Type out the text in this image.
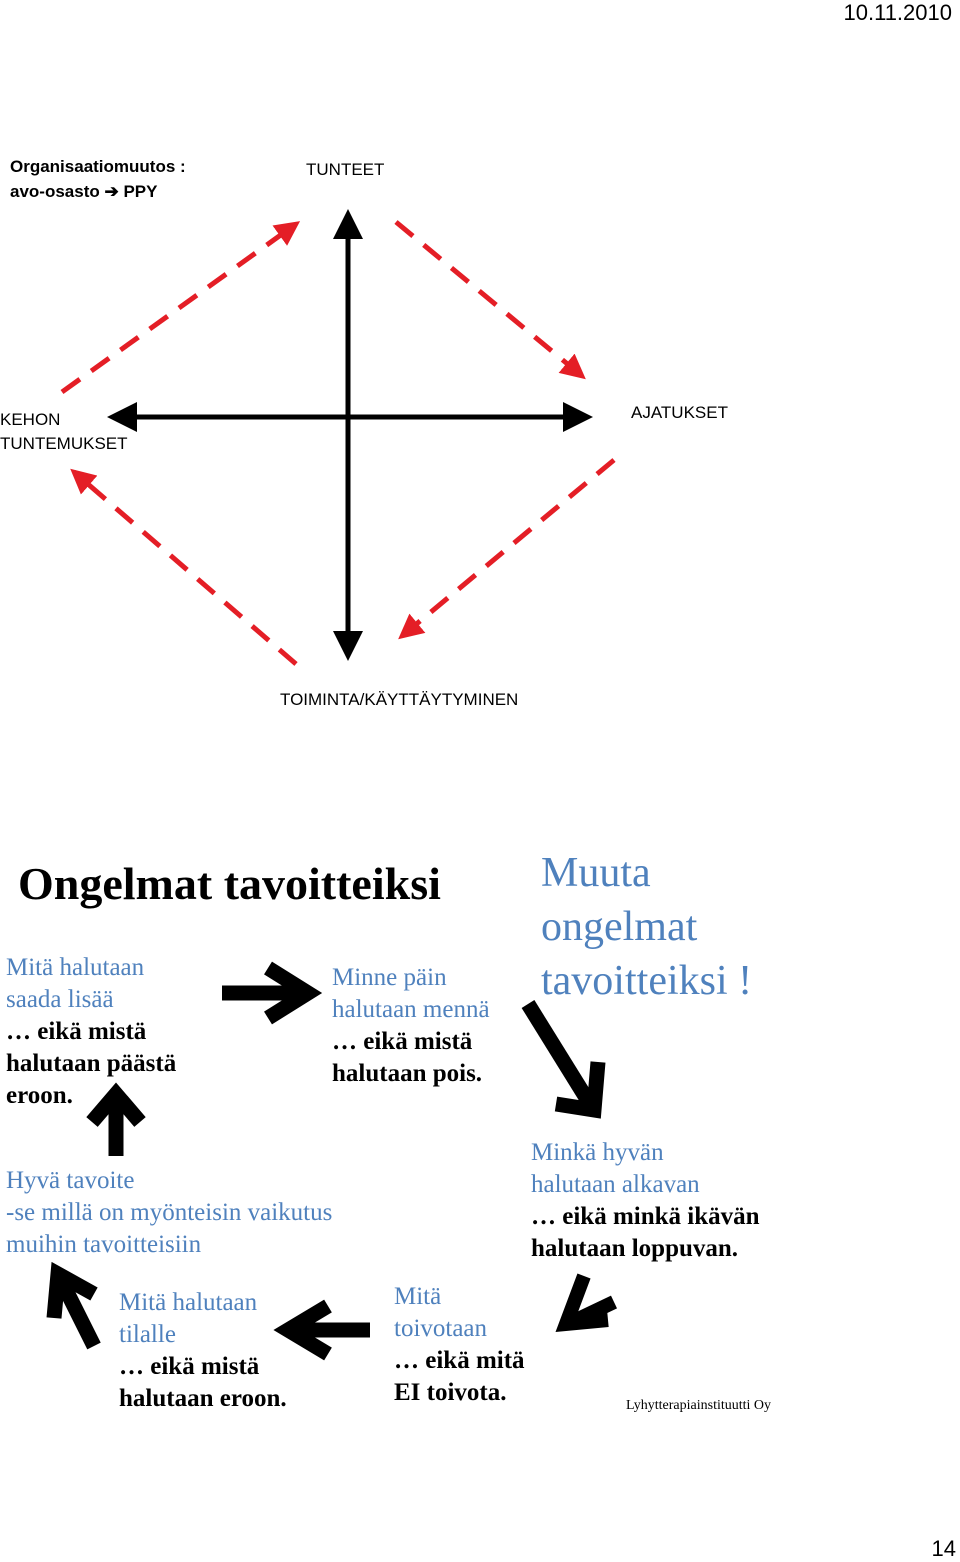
10.11.2010
Organisaatiomuutos :
avo-osasto ➔ PPY
TUNTEET
KEHON
TUNTEMUKSET
AJATUKSET
TOIMINTA/KÄYTTÄYTYMINEN
Ongelmat tavoitteiksi
Mitä halutaan
saada lisää
… eikä mistä
halutaan päästä
eroon.
Minne päin
halutaan mennä
… eikä mistä
halutaan pois.
Muuta
ongelmat
tavoitteiksi !
Minkä hyvän
halutaan alkavan
… eikä minkä ikävän
halutaan loppuvan.
Hyvä tavoite
-se millä on myönteisin vaikutus
muihin tavoitteisiin
Mitä halutaan
tilalle
… eikä mistä
halutaan eroon.
Mitä
toivotaan
… eikä mitä
EI toivota.	Lyhytterapiainstituutti Oy
14
